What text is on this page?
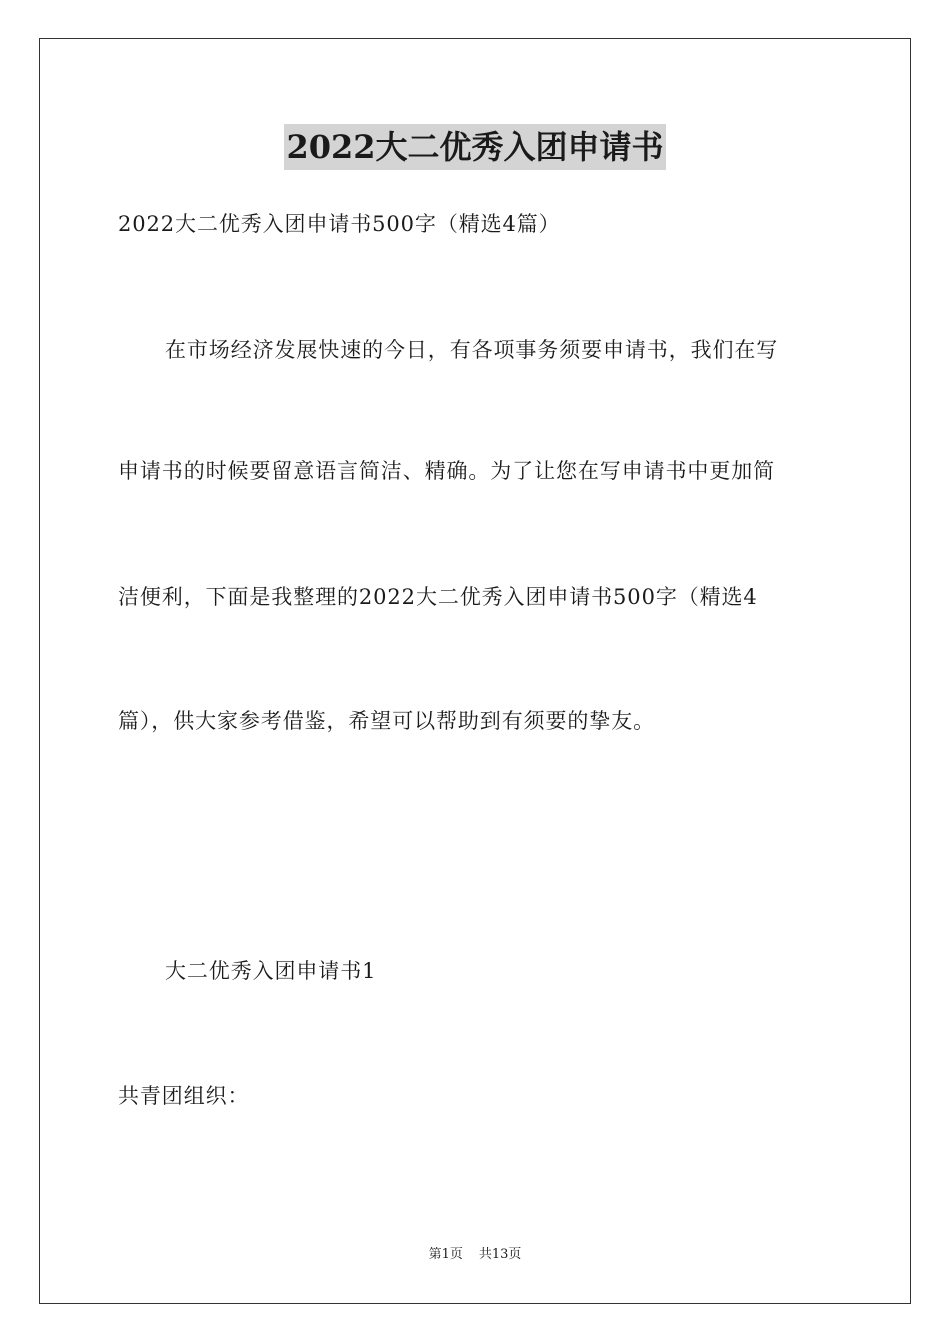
2022大二优秀入团申请书
2022大二优秀入团申请书500字（精选4篇）
在市场经济发展快速的今日，有各项事务须要申请书，我们在写
申请书的时候要留意语言简洁、精确。为了让您在写申请书中更加简
洁便利，下面是我整理的2022大二优秀入团申请书500字（精选4
篇），供大家参考借鉴，希望可以帮助到有须要的挚友。
大二优秀入团申请书1
共青团组织：
第1页 共13页
